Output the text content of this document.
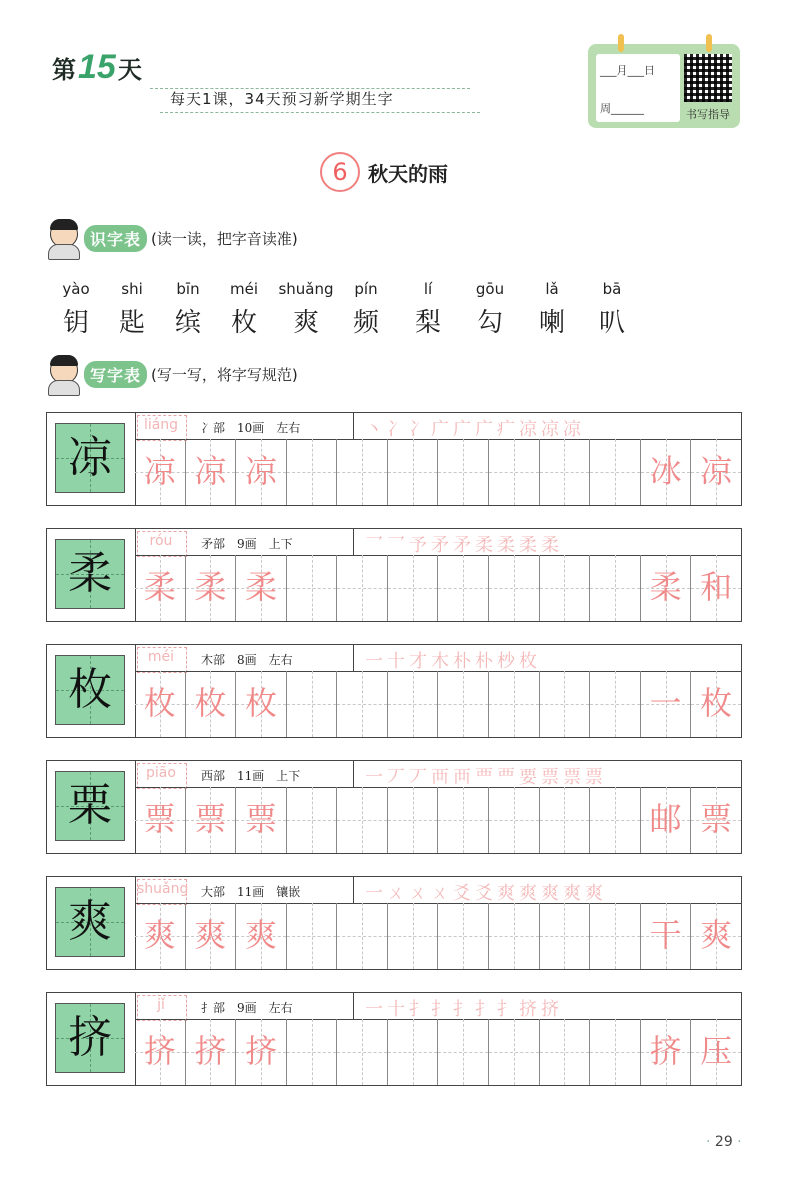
第15天
每天1课，34天预习新学期生字
___月___日
周______	书写指导
6	秋天的雨
识字表 (读一读，把字音读准)
yào	shi	bīn	méi	shuǎng	pín	lí	gōu	lǎ	bā
钥	匙	缤	枚	爽	频	梨	勾	喇	叭
写字表 (写一写，将字写规范)
凉
liáng	冫部 10画 左右	丶冫冫广广广疒凉凉凉
凉 凉 凉	冰 凉
柔
róu	矛部 9画 上下	乛乛予矛矛柔柔柔柔
柔 柔 柔	柔 和
枚
méi	木部 8画 左右	一十才木朴朴杪枚
枚 枚 枚	一 枚
栗
pião	西部 11画 上下	一丆丆襾襾覀覀要票票票
票 票 票	邮 票
爽
shuǎng 大部 11画 镶嵌	一ㄨㄨㄨ爻爻爽爽爽爽爽
爽 爽 爽	干 爽
挤
jǐ	扌部 9画 左右	一十扌扌扌扌扌挤挤
挤 挤 挤	挤 压
· 29 ·
